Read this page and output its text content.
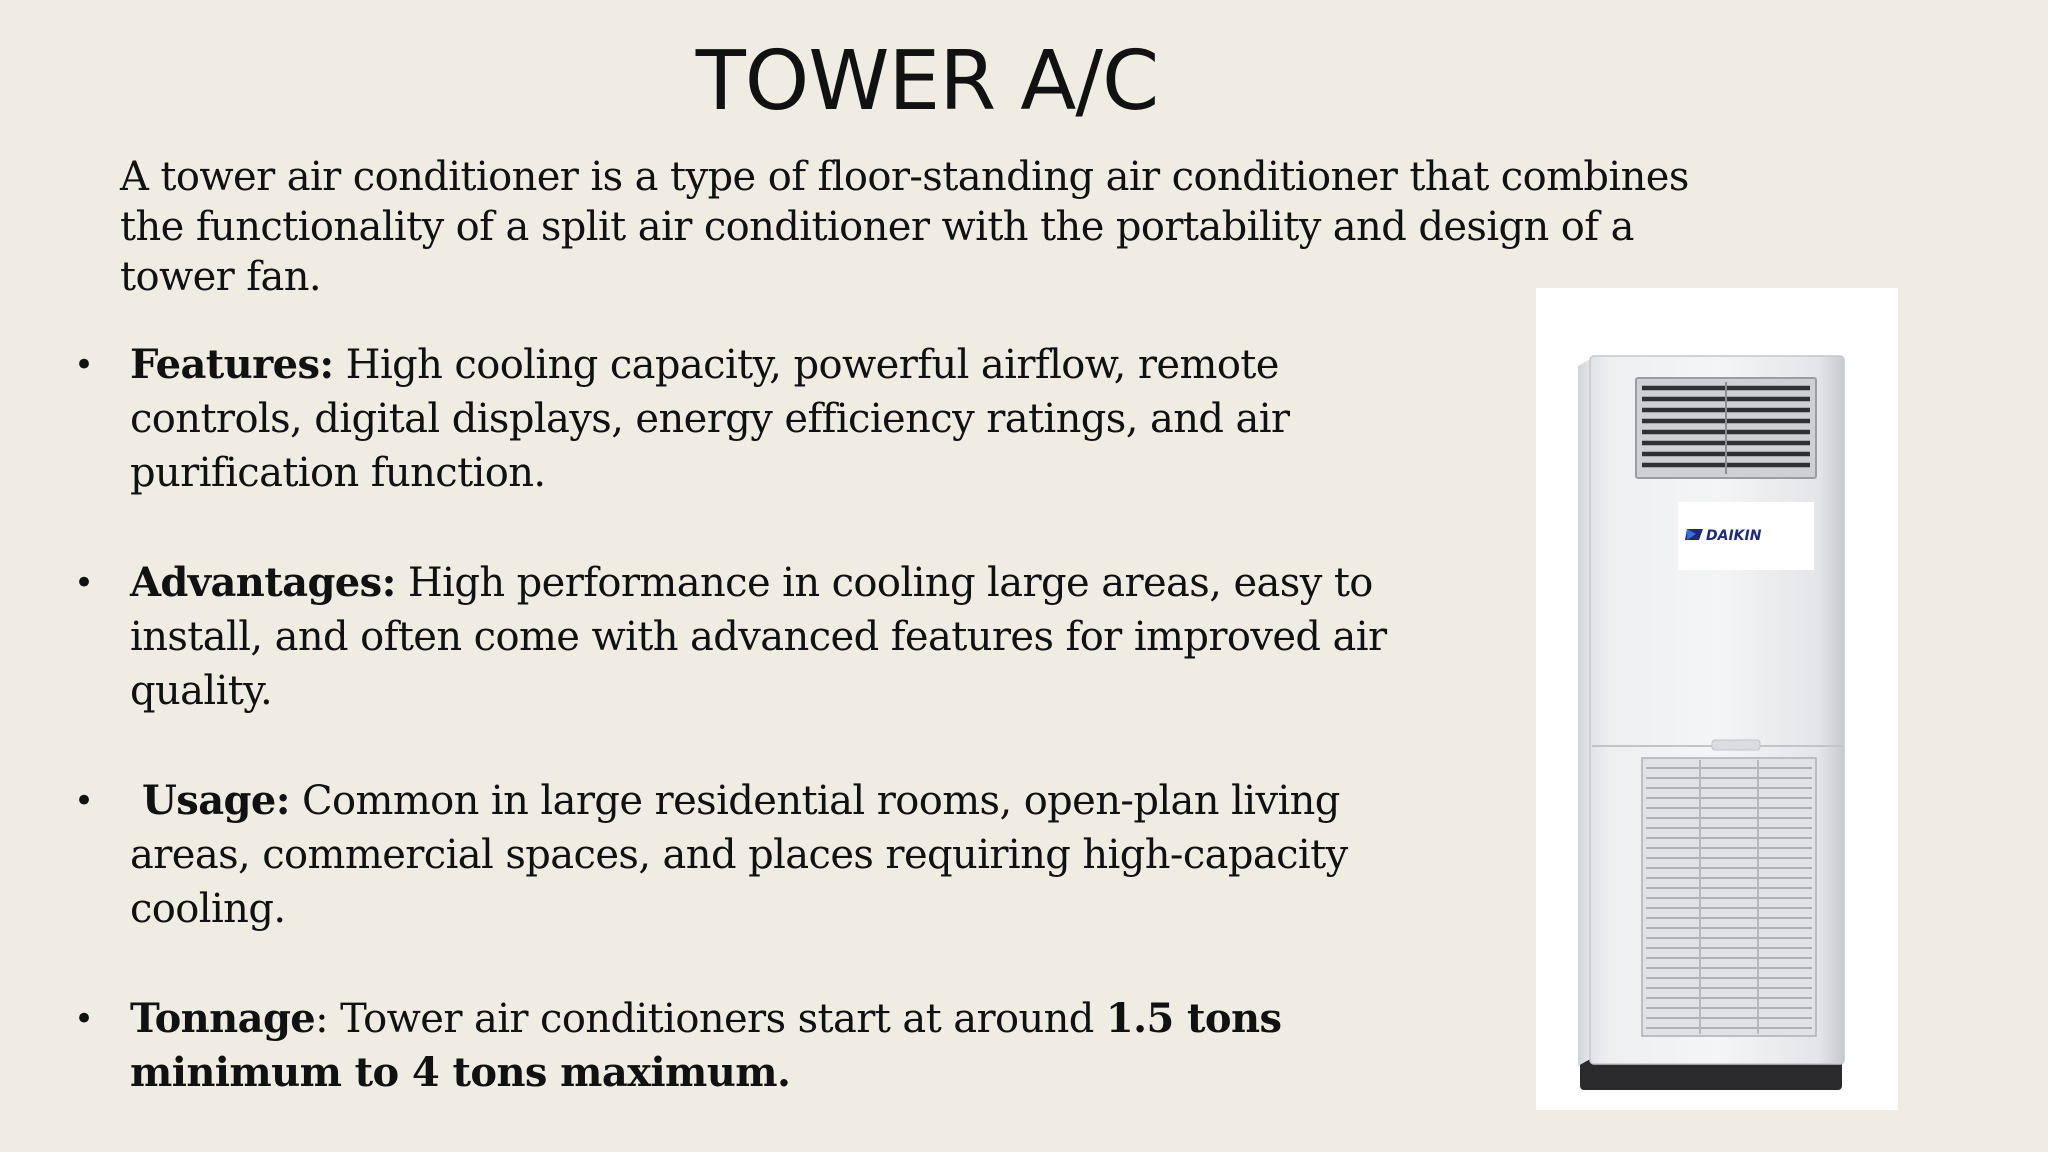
TOWER A/C

A tower air conditioner is a type of floor-standing air conditioner that combines the functionality of a split air conditioner with the portability and design of a tower fan.

• Features: High cooling capacity, powerful airflow, remote controls, digital displays, energy efficiency ratings, and air purification function.
• Advantages: High performance in cooling large areas, easy to install, and often come with advanced features for improved air quality.
• Usage: Common in large residential rooms, open-plan living areas, commercial spaces, and places requiring high-capacity cooling.
• Tonnage: Tower air conditioners start at around 1.5 tons minimum to 4 tons maximum.
DAIKIN
